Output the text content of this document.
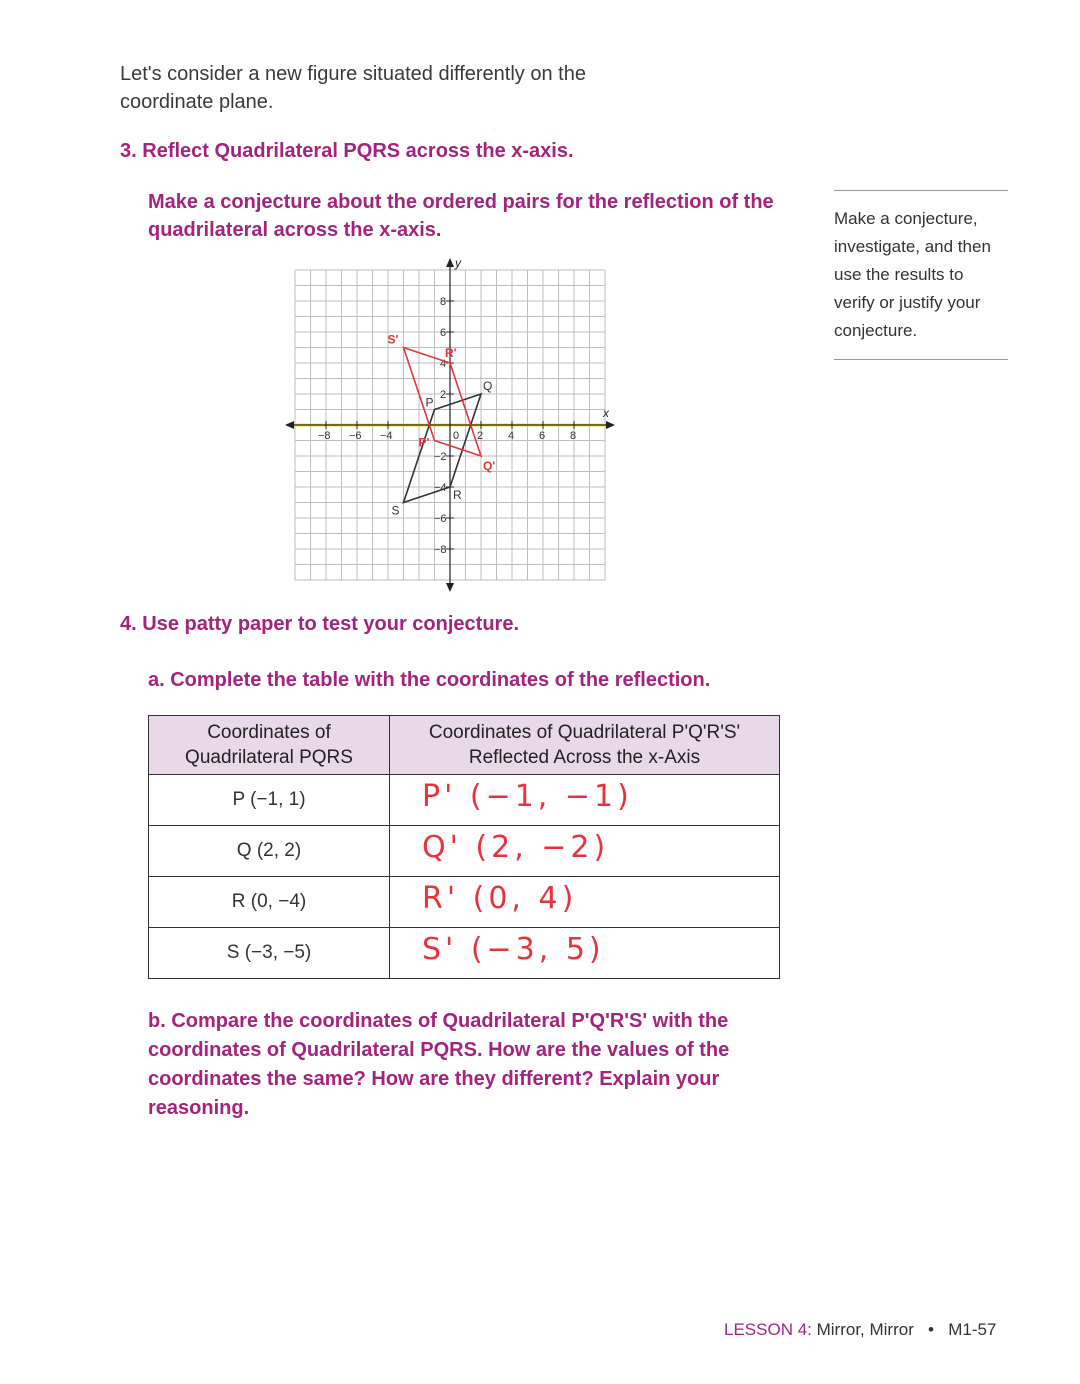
Let's consider a new figure situated differently on the coordinate plane.
3. Reflect Quadrilateral PQRS across the x-axis.
Make a conjecture about the ordered pairs for the reflection of the quadrilateral across the x-axis.
Make a conjecture, investigate, and then use the results to verify or justify your conjecture.
x
y
−8 −6 −4	0 2 4 6 8
8
6
4
2
−2
−4
−6
−8
P
Q
R
S
P'
Q'
R'
S'
4. Use patty paper to test your conjecture.
a. Complete the table with the coordinates of the reflection.
Coordinates of Quadrilateral PQRS	Coordinates of Quadrilateral P'Q'R'S' Reflected Across the x-Axis
P (−1, 1)	P' (−1, −1)

Q (2, 2)	Q' (2, −2)

R (0, −4)	R' (0, 4)

S (−3, −5)	S' (−3, 5)
b. Compare the coordinates of Quadrilateral P'Q'R'S' with the coordinates of Quadrilateral PQRS. How are the values of the coordinates the same? How are they different? Explain your reasoning.
LESSON 4: Mirror, Mirror   •   M1-57
